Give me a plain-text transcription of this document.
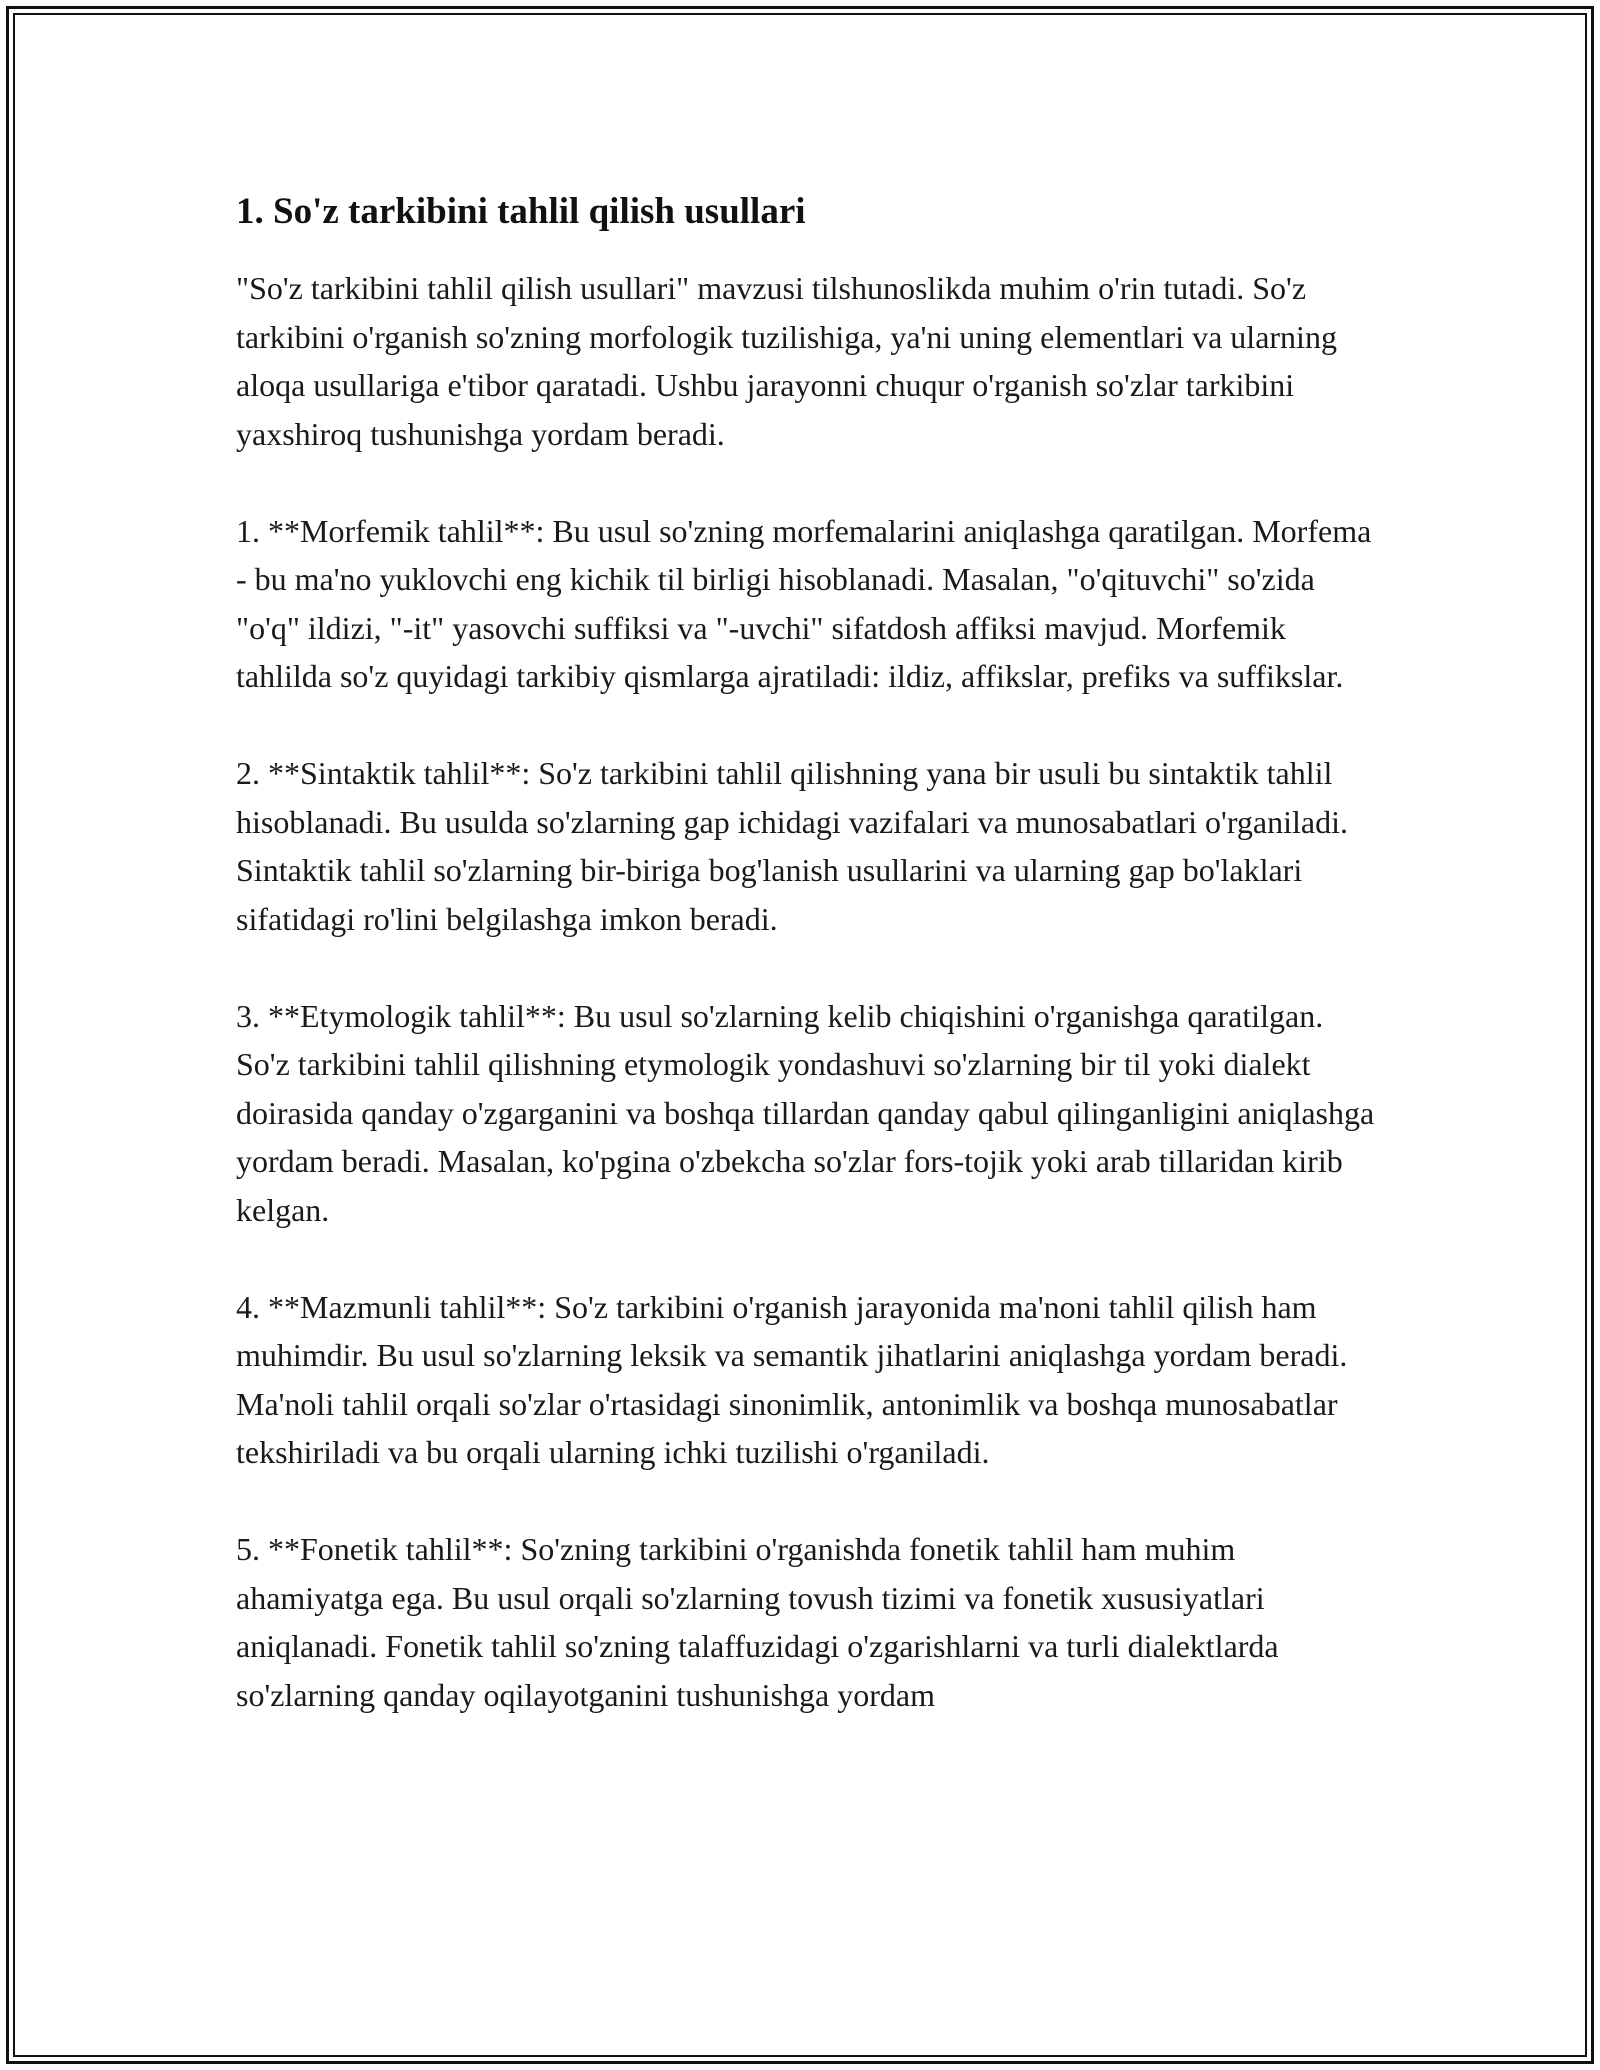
1. So'z tarkibini tahlil qilish usullari

"So'z tarkibini tahlil qilish usullari" mavzusi tilshunoslikda muhim o'rin tutadi. So'z tarkibini o'rganish so'zning morfologik tuzilishiga, ya'ni uning elementlari va ularning aloqa usullariga e'tibor qaratadi. Ushbu jarayonni chuqur o'rganish so'zlar tarkibini yaxshiroq tushunishga yordam beradi.

1. **Morfemik tahlil**: Bu usul so'zning morfemalarini aniqlashga qaratilgan. Morfema - bu ma'no yuklovchi eng kichik til birligi hisoblanadi. Masalan, "o'qituvchi" so'zida "o'q" ildizi, "-it" yasovchi suffiksi va "-uvchi" sifatdosh affiksi mavjud. Morfemik tahlilda so'z quyidagi tarkibiy qismlarga ajratiladi: ildiz, affikslar, prefiks va suffikslar.

2. **Sintaktik tahlil**: So'z tarkibini tahlil qilishning yana bir usuli bu sintaktik tahlil hisoblanadi. Bu usulda so'zlarning gap ichidagi vazifalari va munosabatlari o'rganiladi. Sintaktik tahlil so'zlarning bir-biriga bog'lanish usullarini va ularning gap bo'laklari sifatidagi ro'lini belgilashga imkon beradi.

3. **Etymologik tahlil**: Bu usul so'zlarning kelib chiqishini o'rganishga qaratilgan. So'z tarkibini tahlil qilishning etymologik yondashuvi so'zlarning bir til yoki dialekt doirasida qanday o'zgarganini va boshqa tillardan qanday qabul qilinganligini aniqlashga yordam beradi. Masalan, ko'pgina o'zbekcha so'zlar fors-tojik yoki arab tillaridan kirib kelgan.

4. **Mazmunli tahlil**: So'z tarkibini o'rganish jarayonida ma'noni tahlil qilish ham muhimdir. Bu usul so'zlarning leksik va semantik jihatlarini aniqlashga yordam beradi. Ma'noli tahlil orqali so'zlar o'rtasidagi sinonimlik, antonimlik va boshqa munosabatlar tekshiriladi va bu orqali ularning ichki tuzilishi o'rganiladi.

5. **Fonetik tahlil**: So'zning tarkibini o'rganishda fonetik tahlil ham muhim ahamiyatga ega. Bu usul orqali so'zlarning tovush tizimi va fonetik xususiyatlari aniqlanadi. Fonetik tahlil so'zning talaffuzidagi o'zgarishlarni va turli dialektlarda so'zlarning qanday oqilayotganini tushunishga yordam
